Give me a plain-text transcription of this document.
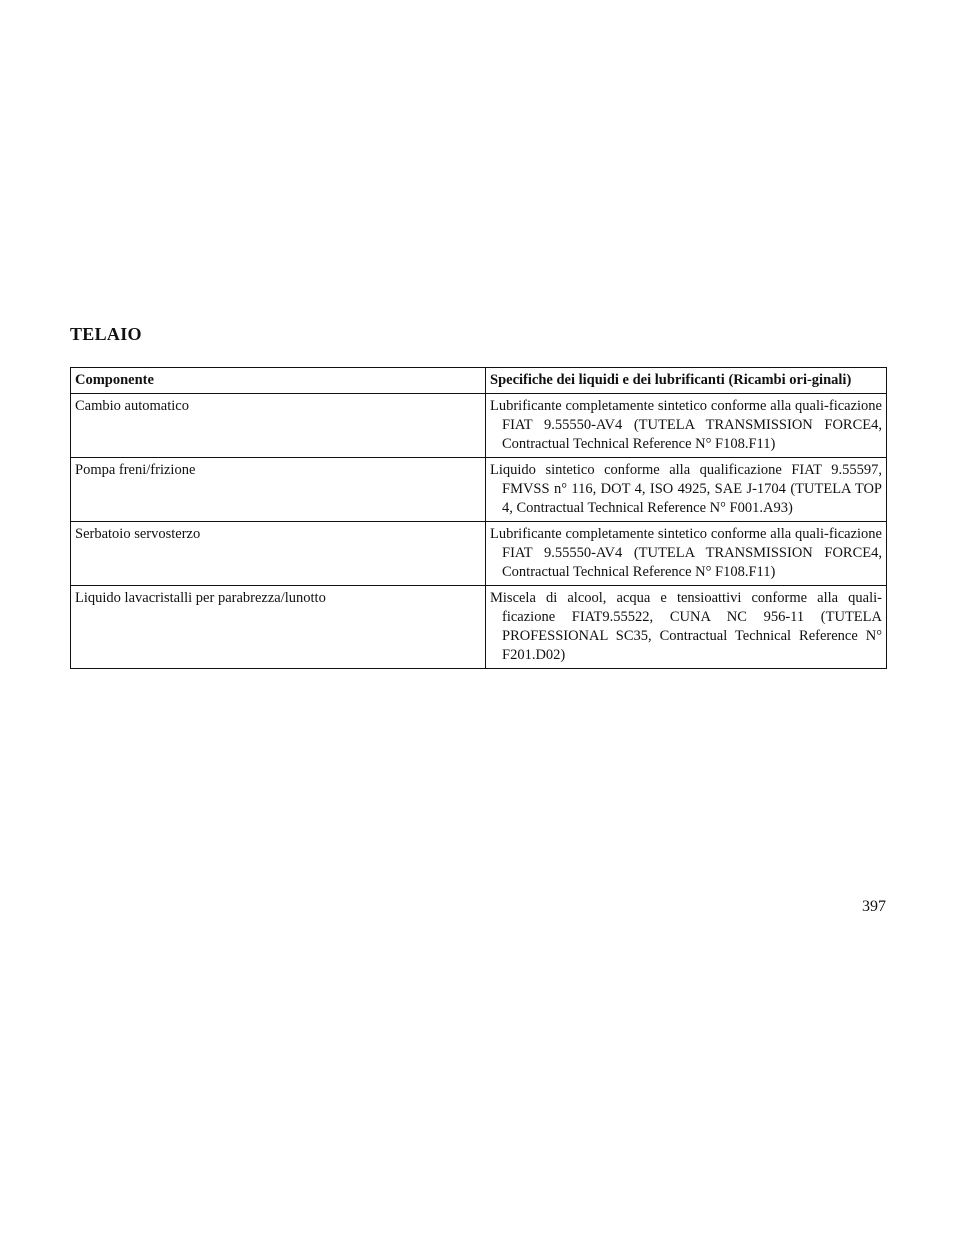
TELAIO
Componente	Specifiche dei liquidi e dei lubrificanti (Ricambi ori-ginali)

Cambio automatico	Lubrificante completamente sintetico conforme alla quali-ficazione FIAT 9.55550-AV4 (TUTELA TRANSMISSION FORCE4, Contractual Technical Reference N° F108.F11)

Pompa freni/frizione	Liquido sintetico conforme alla qualificazione FIAT 9.55597, FMVSS n° 116, DOT 4, ISO 4925, SAE J-1704 (TUTELA TOP 4, Contractual Technical Reference N° F001.A93)

Serbatoio servosterzo	Lubrificante completamente sintetico conforme alla quali-ficazione FIAT 9.55550-AV4 (TUTELA TRANSMISSION FORCE4, Contractual Technical Reference N° F108.F11)

Liquido lavacristalli per parabrezza/lunotto	Miscela di alcool, acqua e tensioattivi conforme alla quali-ficazione FIAT9.55522, CUNA NC 956-11 (TUTELA PROFESSIONAL SC35, Contractual Technical Reference N° F201.D02)
397
